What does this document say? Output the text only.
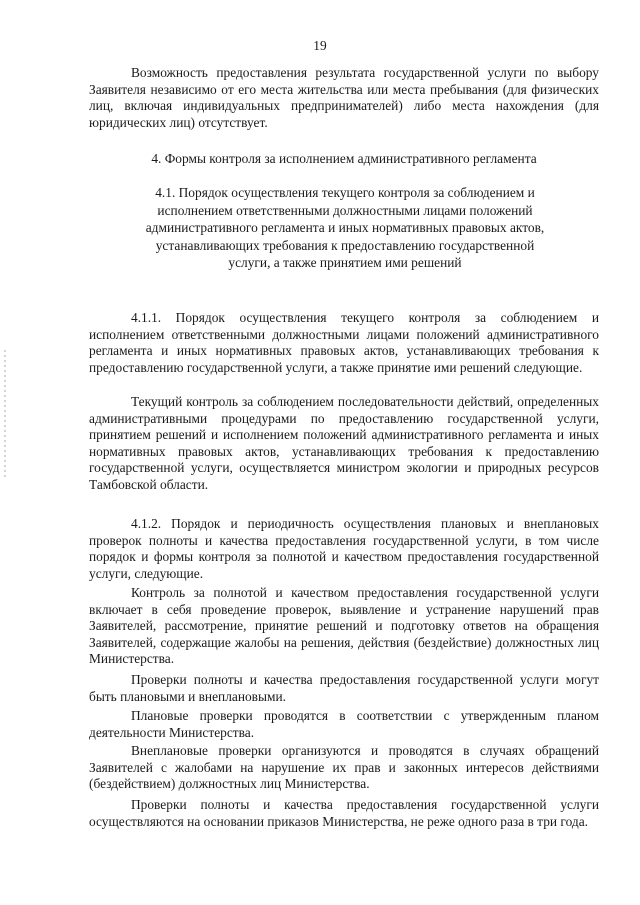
19
Возможность предоставления результата государственной услуги по выбору Заявителя независимо от его места жительства или места пребывания (для физических лиц, включая индивидуальных предпринимателей) либо места нахождения (для юридических лиц) отсутствует.
4. Формы контроля за исполнением административного регламента
4.1. Порядок осуществления текущего контроля за соблюдением и исполнением ответственными должностными лицами положений административного регламента и иных нормативных правовых актов, устанавливающих требования к предоставлению государственной услуги, а также принятием ими решений
4.1.1. Порядок осуществления текущего контроля за соблюдением и исполнением ответственными должностными лицами положений административного регламента и иных нормативных правовых актов, устанавливающих требования к предоставлению государственной услуги, а также принятие ими решений следующие.
Текущий контроль за соблюдением последовательности действий, определенных административными процедурами по предоставлению государственной услуги, принятием решений и исполнением положений административного регламента и иных нормативных правовых актов, устанавливающих требования к предоставлению государственной услуги, осуществляется министром экологии и природных ресурсов Тамбовской области.
4.1.2. Порядок и периодичность осуществления плановых и внеплановых проверок полноты и качества предоставления государственной услуги, в том числе порядок и формы контроля за полнотой и качеством предоставления государственной услуги, следующие.
Контроль за полнотой и качеством предоставления государственной услуги включает в себя проведение проверок, выявление и устранение нарушений прав Заявителей, рассмотрение, принятие решений и подготовку ответов на обращения Заявителей, содержащие жалобы на решения, действия (бездействие) должностных лиц Министерства.
Проверки полноты и качества предоставления государственной услуги могут быть плановыми и внеплановыми.
Плановые проверки проводятся в соответствии с утвержденным планом деятельности Министерства.
Внеплановые проверки организуются и проводятся в случаях обращений Заявителей с жалобами на нарушение их прав и законных интересов действиями (бездействием) должностных лиц Министерства.
Проверки полноты и качества предоставления государственной услуги осуществляются на основании приказов Министерства, не реже одного раза в три года.
